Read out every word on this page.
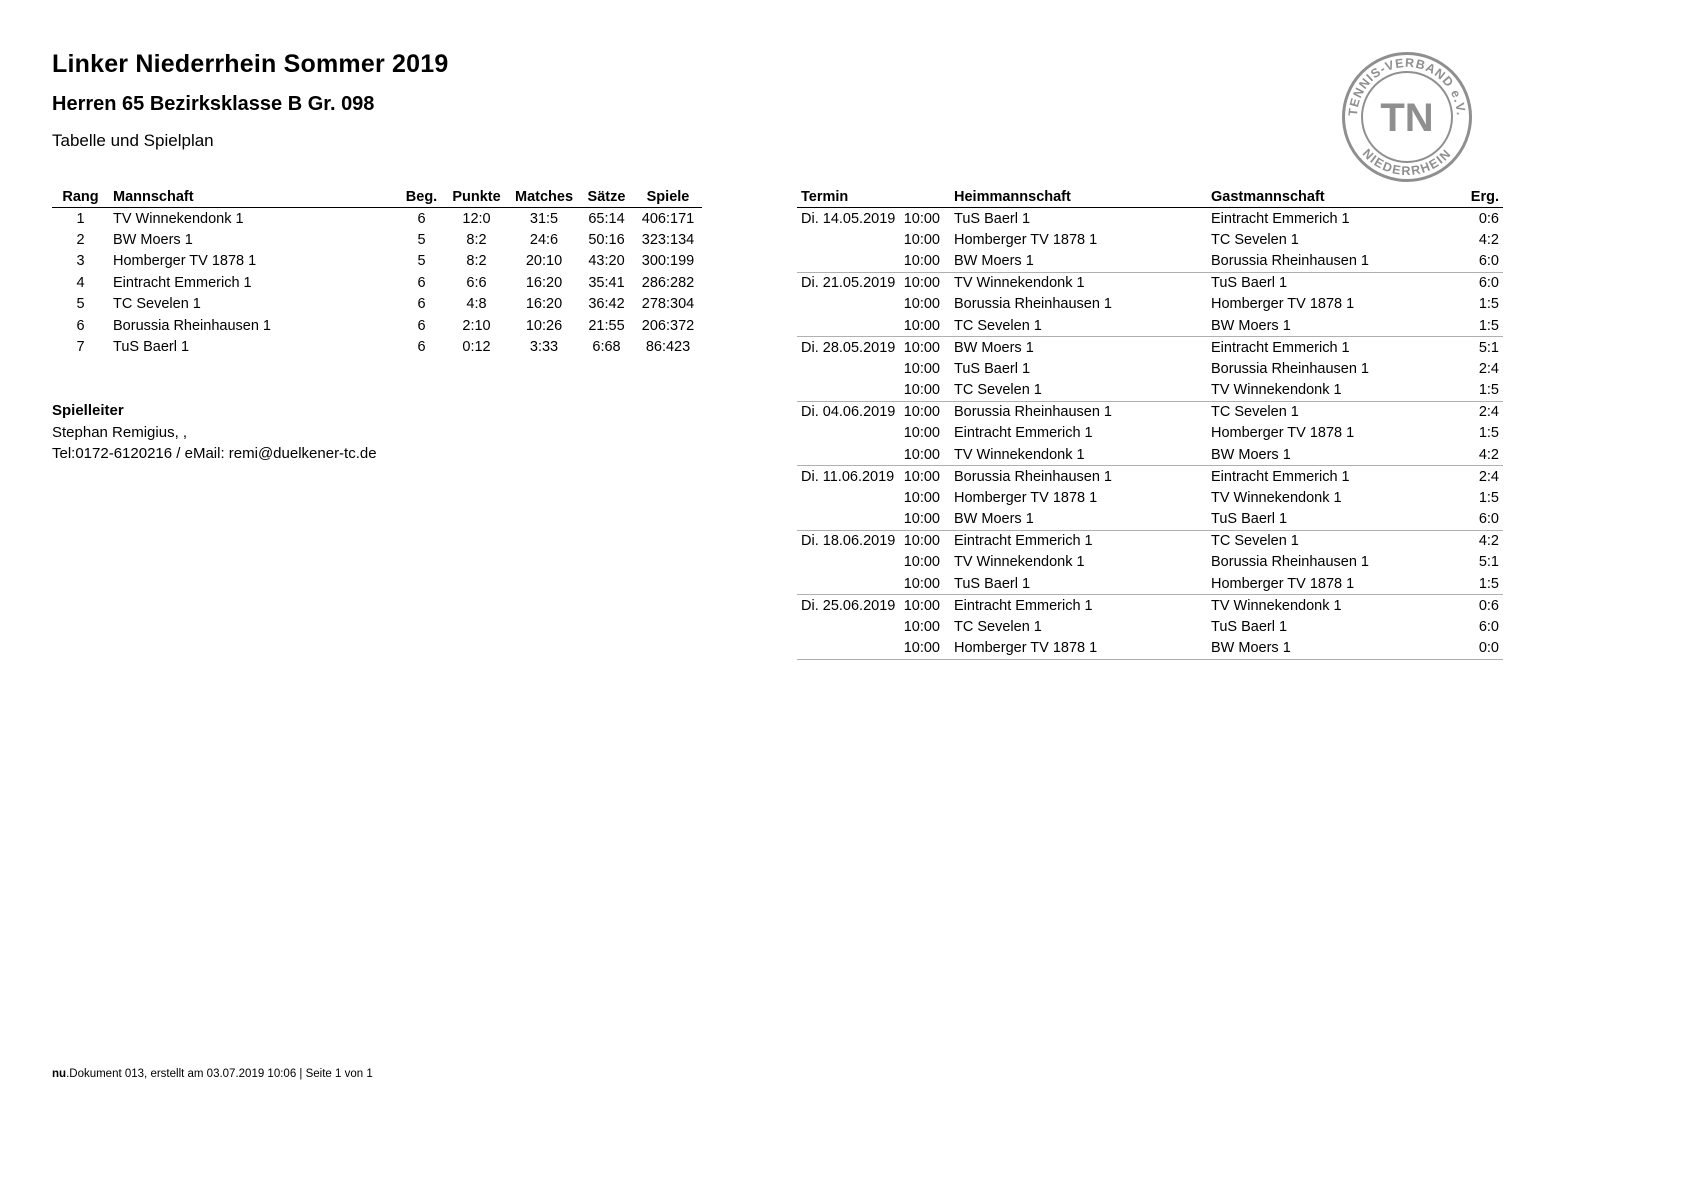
Linker Niederrhein Sommer 2019
Herren 65 Bezirksklasse B Gr. 098
Tabelle und Spielplan
TENNIS-VERBAND e.V.
NIEDERRHEIN
TN
Rang	Mannschaft	Beg.	Punkte	Matches	Sätze	Spiele
1	TV Winnekendonk 1	6	12:0	31:5	65:14	406:171
2	BW Moers 1	5	8:2	24:6	50:16	323:134
3	Homberger TV 1878 1	5	8:2	20:10	43:20	300:199
4	Eintracht Emmerich 1	6	6:6	16:20	35:41	286:282
5	TC Sevelen 1	6	4:8	16:20	36:42	278:304
6	Borussia Rheinhausen 1	6	2:10	10:26	21:55	206:372
7	TuS Baerl 1	6	0:12	3:33	6:68	86:423
Spielleiter
Stephan Remigius, ,
Tel:0172-6120216 / eMail: remi@duelkener-tc.de
Termin	Heimmannschaft	Gastmannschaft	Erg.

Di. 14.05.2019 10:00	TuS Baerl 1	Eintracht Emmerich 1	0:6

10:00	Homberger TV 1878 1	TC Sevelen 1	4:2

10:00	BW Moers 1	Borussia Rheinhausen 1	6:0

Di. 21.05.2019 10:00	TV Winnekendonk 1	TuS Baerl 1	6:0

10:00	Borussia Rheinhausen 1	Homberger TV 1878 1	1:5

10:00	TC Sevelen 1	BW Moers 1	1:5

Di. 28.05.2019 10:00	BW Moers 1	Eintracht Emmerich 1	5:1

10:00	TuS Baerl 1	Borussia Rheinhausen 1	2:4

10:00	TC Sevelen 1	TV Winnekendonk 1	1:5

Di. 04.06.2019 10:00	Borussia Rheinhausen 1	TC Sevelen 1	2:4

10:00	Eintracht Emmerich 1	Homberger TV 1878 1	1:5

10:00	TV Winnekendonk 1	BW Moers 1	4:2

Di. 11.06.2019 10:00	Borussia Rheinhausen 1	Eintracht Emmerich 1	2:4

10:00	Homberger TV 1878 1	TV Winnekendonk 1	1:5

10:00	BW Moers 1	TuS Baerl 1	6:0

Di. 18.06.2019 10:00	Eintracht Emmerich 1	TC Sevelen 1	4:2

10:00	TV Winnekendonk 1	Borussia Rheinhausen 1	5:1

10:00	TuS Baerl 1	Homberger TV 1878 1	1:5

Di. 25.06.2019 10:00	Eintracht Emmerich 1	TV Winnekendonk 1	0:6

10:00	TC Sevelen 1	TuS Baerl 1	6:0

10:00	Homberger TV 1878 1	BW Moers 1	0:0
nu.Dokument 013, erstellt am 03.07.2019 10:06 | Seite 1 von 1
